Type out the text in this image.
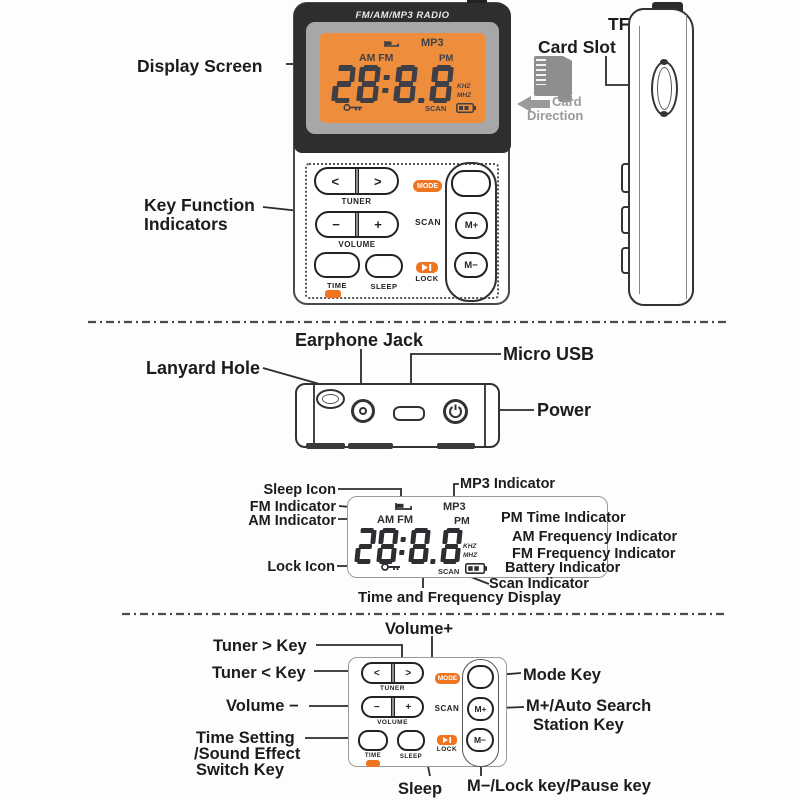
FM/AM/MP3 RADIO
MP3
AM FM	PM
KHZ
MHZ
SCAN
<	>
TUNER
MODE
M+
M−
−	+
VOLUME
SCAN
TIME	SLEEP
LOCK
Card
Direction
Display Screen
Key Function
Indicators
TF
Card Slot
Earphone Jack
Micro USB
Lanyard Hole
Power
MP3
AM FM	PM
KHZ
MHZ
SCAN
Sleep Icon
FM Indicator
AM Indicator
Lock Icon
MP3 Indicator
PM Time Indicator
AM Frequency Indicator
FM Frequency Indicator
Battery Indicator
Scan Indicator
Time and Frequency Display
<	>
TUNER
MODE
M+
M−
−	+
VOLUME
SCAN
TIME	SLEEP
LOCK
Volume+
Tuner > Key
Tuner < Key
Volume −
Time Setting
/Sound Effect
Switch Key
Mode Key
M+/Auto Search
Station Key
Sleep M−/Lock key/Pause key
